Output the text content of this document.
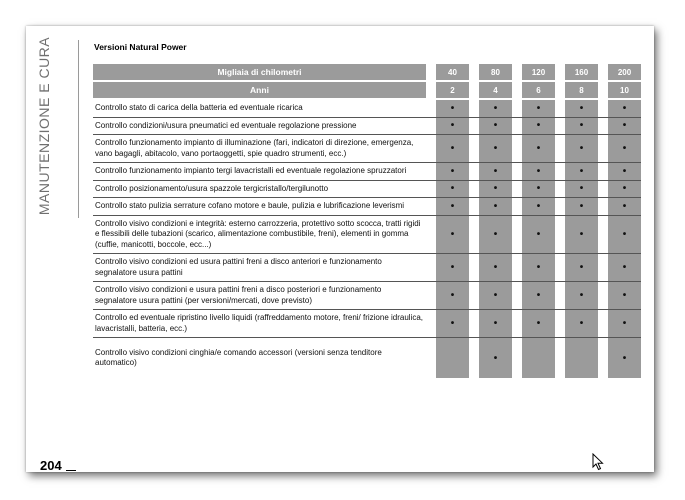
MANUTENZIONE E CURA	Versioni Natural Power
Migliaia di chilometri		40		80		120		160		200
Anni		2		4		6		8		10
Controllo stato di carica della batteria ed eventuale ricarica		•		•		•		•		•
Controllo condizioni/usura pneumatici ed eventuale regolazione pressione		•		•		•		•		•
Controllo funzionamento impianto di illuminazione (fari, indicatori di direzione, emergenza, vano bagagli, abitacolo, vano portaoggetti, spie quadro strumenti, ecc.)		•		•		•		•		•
Controllo funzionamento impianto tergi lavacristalli ed eventuale regolazione spruzzatori		•		•		•		•		•
Controllo posizionamento/usura spazzole tergicristallo/tergilunotto		•		•		•		•		•
Controllo stato pulizia serrature cofano motore e baule, pulizia e lubrificazione leverismi		•		•		•		•		•
Controllo visivo condizioni e integrità: esterno carrozzeria, protettivo sotto scocca, tratti rigidi e flessibili delle tubazioni (scarico, alimentazione combustibile, freni), elementi in gomma (cuffie, manicotti, boccole, ecc...)		•		•		•		•		•
Controllo visivo condizioni ed usura pattini freni a disco anteriori e funzionamento segnalatore usura pattini		•		•		•		•		•
Controllo visivo condizioni e usura pattini freni a disco posteriori e funzionamento segnalatore usura pattini (per versioni/mercati, dove previsto)		•		•		•		•		•
Controllo ed eventuale ripristino livello liquidi (raffreddamento motore, freni/ frizione idraulica, lavacristalli, batteria, ecc.)		•		•		•		•		•
Controllo visivo condizioni cinghia/e comando accessori (versioni senza tenditore automatico)				•						•
204
